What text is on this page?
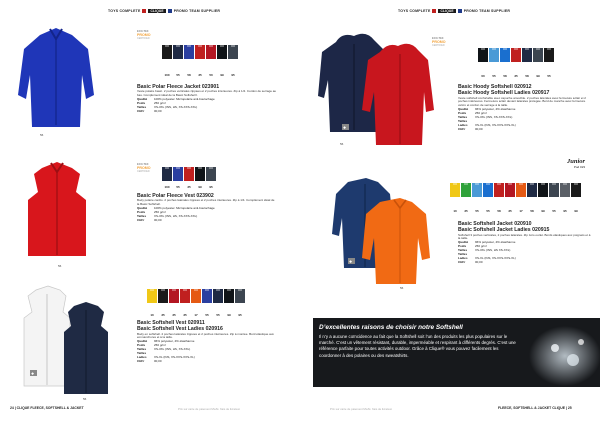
TOYS COMPLETE	CLIQUE	PROMO TEAM SUPPLIER	TOYS COMPLETE	CLIQUE	PROMO TEAM SUPPLIER
56
ECO-TEX
PROMO
CERTIFIED
100	55	58	35	50	99	95
Basic Polar Fleece Jacket 023901
Veste polaire basic. 2 poches verticales zippées et 2 poches intérieures. Zip à 1/4. Cordon de serrage au bas. Complément idéal de la Basic Softshell I.
Qualité 100% polyester. Micropolaire anti-boulochage
Poids	250 g/m²
Tailles	XS-3XL (INS, HS, XS-XXS-XXL)
CHFr	00,00
56
ECO-TEX
PROMO
CERTIFIED
100	55	35	99	95
Basic Polar Fleece Vest 023902
Body polaire cardio. 2 poches latérales zippées et 2 poches intérieures. Zip à 1/4. Complément idéal de la Basic Softshell.
Qualité 100% polyester. Micropolaire anti-boulochage
Poids	250 g/m²
Tailles	XS-3XL (INS, HS, XS-XXS-XXL)
CHFr	00,00
◆
56
10	35	35	35	17	55	55	99	95
Basic Softshell Vest 020911
Basic Softshell Vest Ladies 020916
Body en softshell. 2 poches latérales zippées et 2 poches intérieures. Zip à montée. Bord élastique aux emmanchures et à la taille.
Qualité 96% polyester, 4% élasthanne
Poids	250 g/m²
Tailles	XS-3XL (INS, HS, XS-XXL)
Tailles Ladies XS-XL (INS, XS-XXS-XXS-XL)
CHFr	00,00
24 | CLIQUE FLEECE, SOFTSHELL & JACKET	Prix sur carte de paiement MwSt. frais de livraison
◆
56
ECO-TEX
PROMO
CERTIFIED
00	55	58	35	58	99	55
Basic Hoody Softshell 020912
Basic Hoody Softshell Ladies 020917
Veste softshell confortable avec capuche amovible. 2 poches latérales avec fermeture éclair et 2 poches intérieures. Fermeture éclair devant latérales protégée. Bord de manche avec fermeture velcro et cordon de serrage à la taille.
Qualité 96% polyester, 4% élasthanne
Poids	250 g/m²
Tailles	XS-3XL (INS, XS-XXS-XXL)
Tailles Ladies XS-XL (INS, XS-XXS-XXS-XL)
CHFr	00,00
Junior
Pod 023
◆
56
10	35	55	55	58	35	17	58	99	55	95	99
Basic Softshell Jacket 020910
Basic Softshell Jacket Ladies 020915
Softshell 3 poches verticales, 2 poches latérales. Zip zéro ourlet. Bords élastiques aux poignets et à la taille.
Qualité 96% polyester, 4% élasthanne
Poids	250 g/m²
Tailles	XS-3XL (INS, HS XS-XXL)
Tailles Ladies XS-XL (INS, XS-XXS-XXS-XL)
CHFr	00,00
D’excellentes raisons de choisir notre Softshell

Il n’y a aucune coïncidence au fait que la Softshell soit l’un des produits les plus populaires sur le marché. C’est un vêtement résistant, durable, imperméable et respirant à différents degrés. C’est une référence parfaite pour toutes activités outdoor. Grâce à Clique® vous pouvez facilement les coordonner à des polaires ou des sweatshirts.

Prix sur carte de paiement MwSt. frais de livraison	FLEECE, SOFTSHELL & JACKET CLIQUE | 25
